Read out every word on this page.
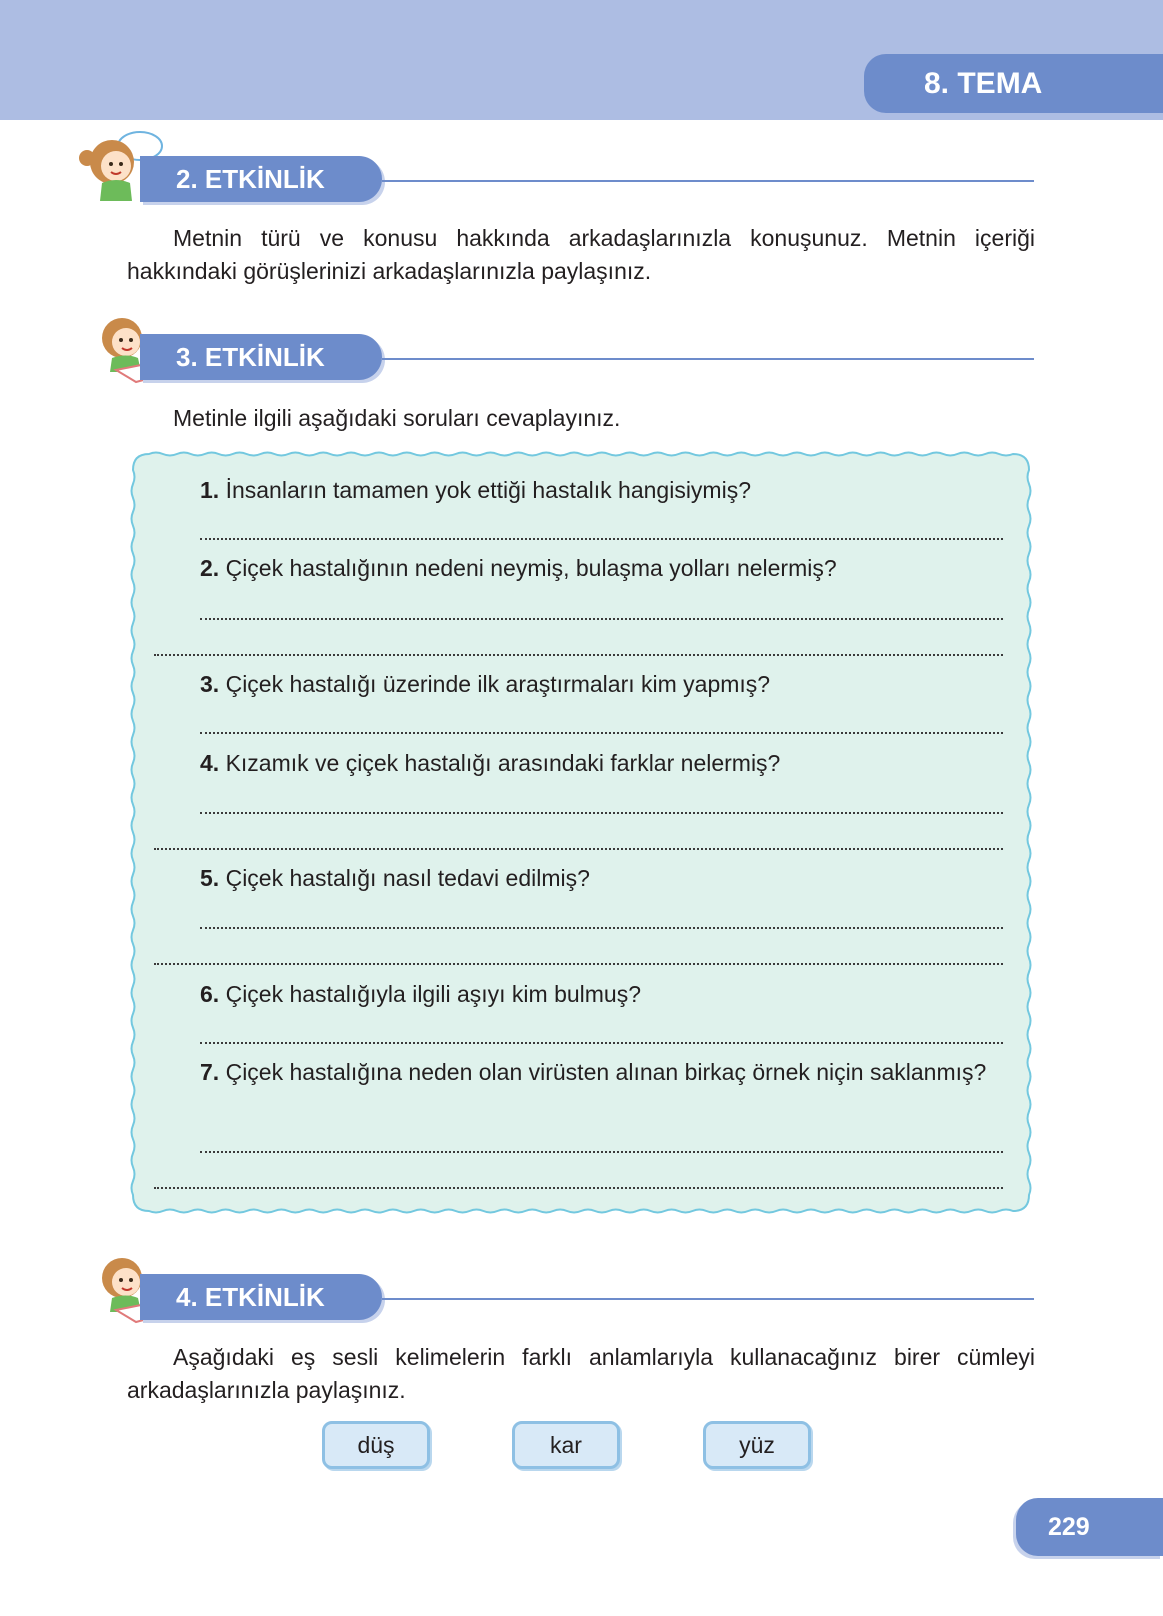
8. TEMA
2. ETKİNLİK
Metnin türü ve konusu hakkında arkadaşlarınızla konuşunuz. Metnin içeriği hakkındaki görüşlerinizi arkadaşlarınızla paylaşınız.
3. ETKİNLİK
Metinle ilgili aşağıdaki soruları cevaplayınız.
1. İnsanların tamamen yok ettiği hastalık hangisiymiş?
2. Çiçek hastalığının nedeni neymiş, bulaşma yolları nelermiş?
3. Çiçek hastalığı üzerinde ilk araştırmaları kim yapmış?
4. Kızamık ve çiçek hastalığı arasındaki farklar nelermiş?
5. Çiçek hastalığı nasıl tedavi edilmiş?
6. Çiçek hastalığıyla ilgili aşıyı kim bulmuş?
7. Çiçek hastalığına neden olan virüsten alınan birkaç örnek niçin saklanmış?
4. ETKİNLİK
Aşağıdaki eş sesli kelimelerin farklı anlamlarıyla kullanacağınız birer cümleyi arkadaşlarınızla paylaşınız.
düş	kar	yüz
229
